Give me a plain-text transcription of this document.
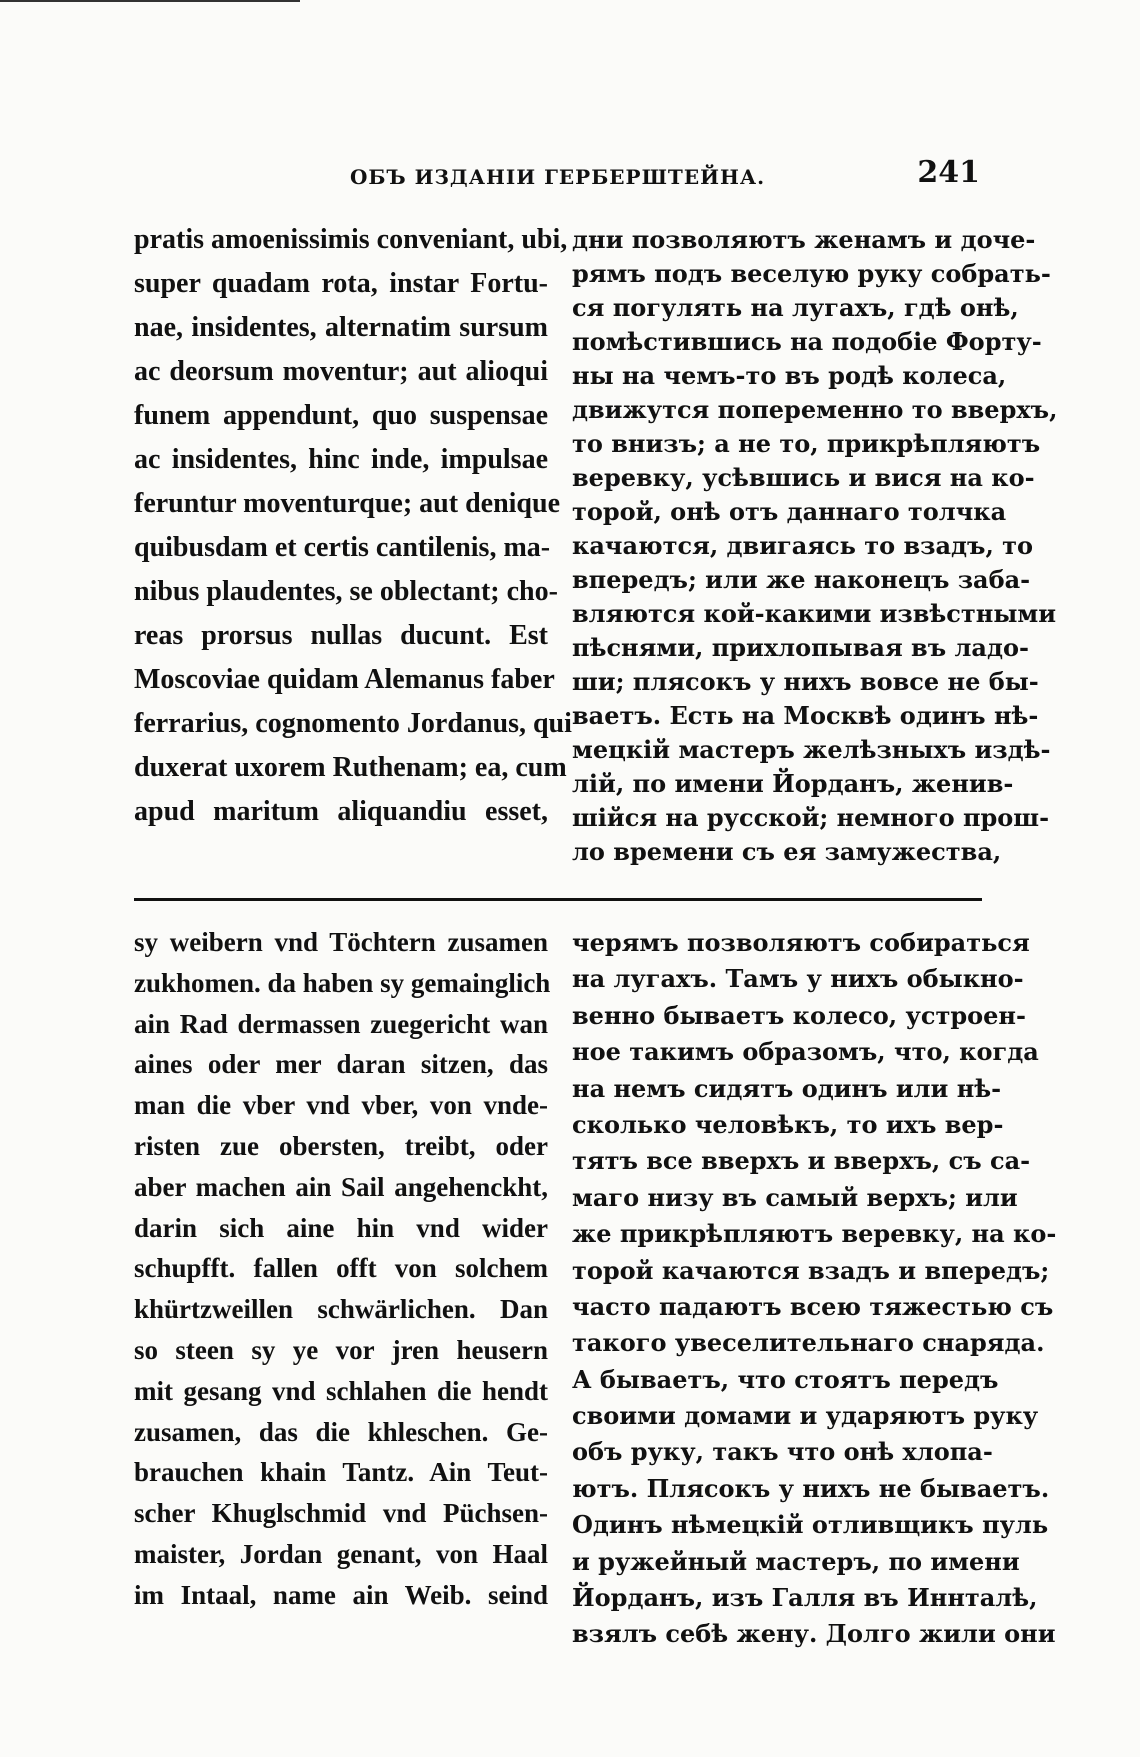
ОБЪ ИЗДАНІИ ГЕРБЕРШТЕЙНА.	241
pratis amoenissimis conveniant, ubi,
super quadam rota, instar Fortu-
nae, insidentes, alternatim sursum
ac deorsum moventur; aut alioqui
funem appendunt, quo suspensae
ac insidentes, hinc inde, impulsae
feruntur moventurque; aut denique
quibusdam et certis cantilenis, ma-
nibus plaudentes, se oblectant; cho-
reas prorsus nullas ducunt. Est
Moscoviae quidam Alemanus faber
ferrarius, cognomento Jordanus, qui
duxerat uxorem Ruthenam; ea, cum
apud maritum aliquandiu esset,
дни позволяютъ женамъ и доче-
рямъ подъ веселую руку собрать-
ся погулять на лугахъ, гдѣ онѣ,
помѣстившись на подобіе Форту-
ны на чемъ-то въ родѣ колеса,
движутся попеременно то вверхъ,
то внизъ; а не то, прикрѣпляютъ
веревку, усѣвшись и вися на ко-
торой, онѣ отъ даннаго толчка
качаются, двигаясь то взадъ, то
впередъ; или же наконецъ заба-
вляются кой-какими извѣстными
пѣснями, прихлопывая въ ладо-
ши; плясокъ у нихъ вовсе не бы-
ваетъ. Есть на Москвѣ одинъ нѣ-
мецкій мастеръ желѣзныхъ издѣ-
лій, по имени Йорданъ, женив-
шійся на русской; немного прош-
ло времени съ ея замужества,
sy weibern vnd Töchtern zusamen
zukhomen. da haben sy gemainglich
ain Rad dermassen zuegericht wan
aines oder mer daran sitzen, das
man die vber vnd vber, von vnde-
risten zue obersten, treibt, oder
aber machen ain Sail angehenckht,
darin sich aine hin vnd wider
schupfft. fallen offt von solchem
khürtzweillen schwärlichen. Dan
so steen sy ye vor jren heusern
mit gesang vnd schlahen die hendt
zusamen, das die khleschen. Ge-
brauchen khain Tantz. Ain Teut-
scher Khuglschmid vnd Püchsen-
maister, Jordan genant, von Haal
im Intaal, name ain Weib. seind
черямъ позволяютъ собираться
на лугахъ. Тамъ у нихъ обыкно-
венно бываетъ колесо, устроен-
ное такимъ образомъ, что, когда
на немъ сидятъ одинъ или нѣ-
сколько человѣкъ, то ихъ вер-
тятъ все вверхъ и вверхъ, съ са-
маго низу въ самый верхъ; или
же прикрѣпляютъ веревку, на ко-
торой качаются взадъ и впередъ;
часто падаютъ всею тяжестью съ
такого увеселительнаго снаряда.
А бываетъ, что стоятъ передъ
своими домами и ударяютъ руку
объ руку, такъ что онѣ хлопа-
ютъ. Плясокъ у нихъ не бываетъ.
Одинъ нѣмецкій отливщикъ пуль
и ружейный мастеръ, по имени
Йорданъ, изъ Галля въ Иннталѣ,
взялъ себѣ жену. Долго жили они
